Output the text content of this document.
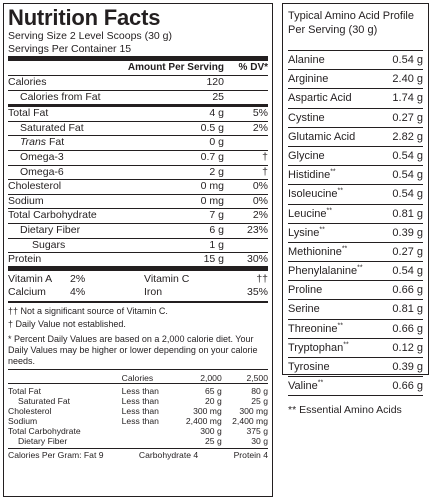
Nutrition Facts
Serving Size 2 Level Scoops (30 g)
Servings Per Container 15
Amount Per Serving	% DV*
Calories	120
Calories from Fat	25
Total Fat	4 g	5%
Saturated Fat	0.5 g	2%
Trans Fat	0 g
Omega-3	0.7 g	†
Omega-6	2 g	†
Cholesterol	0 mg	0%
Sodium	0 mg	0%
Total Carbohydrate	7 g	2%
Dietary Fiber	6 g	23%
Sugars	1 g
Protein	15 g	30%
Vitamin A	2%	Vitamin C	††
Calcium	4%	Iron	35%

†† Not a significant source of Vitamin C.

† Daily Value not established.

* Percent Daily Values are based on a 2,000 calorie diet. Your Daily Values may be higher or lower depending on your calorie needs.

	Calories	2,000	2,500

Total Fat	Less than	65 g	80 g
Saturated Fat	Less than	20 g	25 g
Cholesterol	Less than	300 mg	300 mg
Sodium	Less than	2,400 mg	2,400 mg
Total Carbohydrate		300 g	375 g
Dietary Fiber		25 g	30 g
Calories Per Gram: Fat 9	Carbohydrate 4	Protein 4
Typical Amino Acid Profile
Per Serving (30 g)
Alanine	0.54 g
Arginine	2.40 g
Aspartic Acid	1.74 g
Cystine	0.27 g
Glutamic Acid	2.82 g
Glycine	0.54 g
Histidine**	0.54 g
Isoleucine**	0.54 g
Leucine**	0.81 g
Lysine**	0.39 g
Methionine**	0.27 g
Phenylalanine**	0.54 g
Proline	0.66 g
Serine	0.81 g
Threonine**	0.66 g
Tryptophan**	0.12 g
Tyrosine	0.39 g
Valine**	0.66 g
** Essential Amino Acids
